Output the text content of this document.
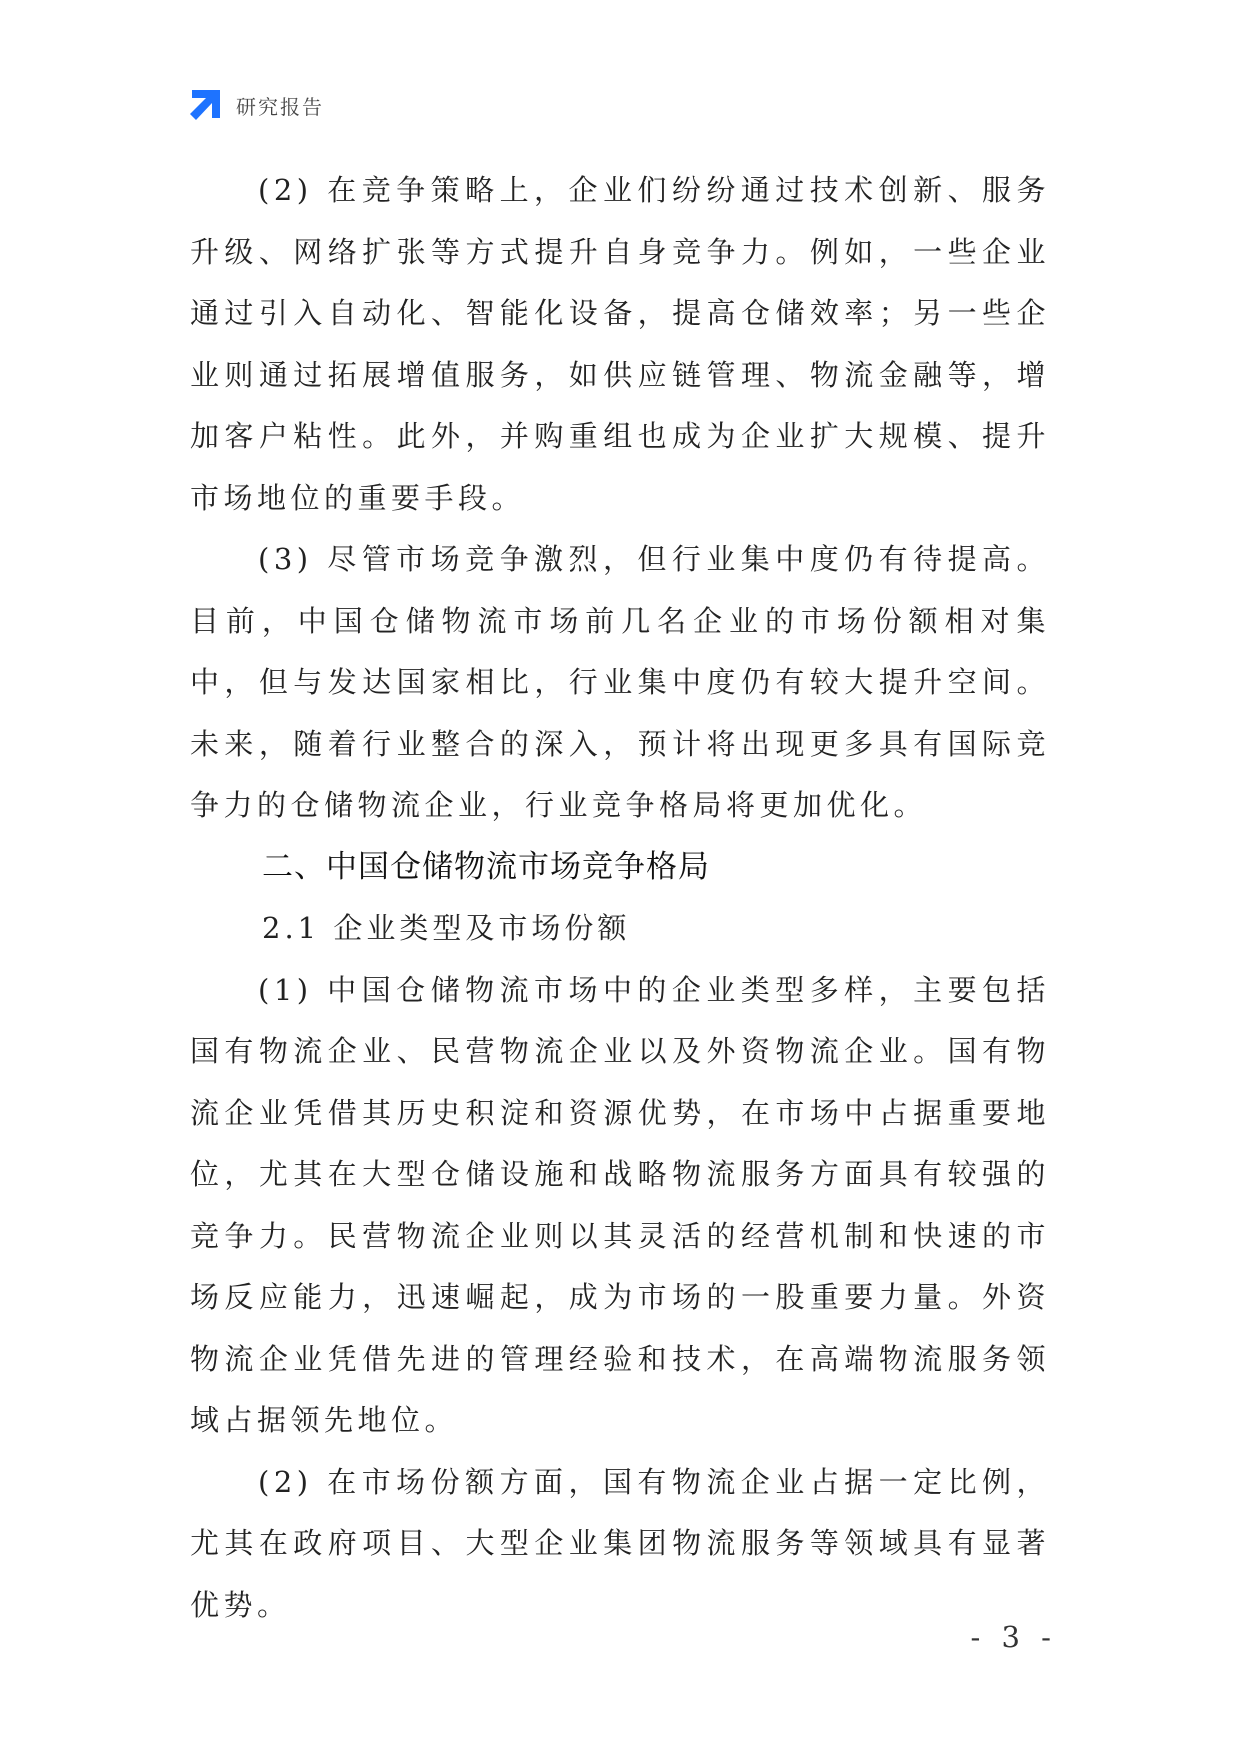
研究报告

(2) 在竞争策略上，企业们纷纷通过技术创新、服务升级、网络扩张等方式提升自身竞争力。例如，一些企业通过引入自动化、智能化设备，提高仓储效率；另一些企业则通过拓展增值服务，如供应链管理、物流金融等，增加客户粘性。此外，并购重组也成为企业扩大规模、提升市场地位的重要手段。

(3) 尽管市场竞争激烈，但行业集中度仍有待提高。目前，中国仓储物流市场前几名企业的市场份额相对集中，但与发达国家相比，行业集中度仍有较大提升空间。未来，随着行业整合的深入，预计将出现更多具有国际竞争力的仓储物流企业，行业竞争格局将更加优化。

二、中国仓储物流市场竞争格局

2.1 企业类型及市场份额

(1) 中国仓储物流市场中的企业类型多样，主要包括国有物流企业、民营物流企业以及外资物流企业。国有物流企业凭借其历史积淀和资源优势，在市场中占据重要地位，尤其在大型仓储设施和战略物流服务方面具有较强的竞争力。民营物流企业则以其灵活的经营机制和快速的市场反应能力，迅速崛起，成为市场的一股重要力量。外资物流企业凭借先进的管理经验和技术，在高端物流服务领域占据领先地位。

(2) 在市场份额方面，国有物流企业占据一定比例，尤其在政府项目、大型企业集团物流服务等领域具有显著优势。

- 3 -
